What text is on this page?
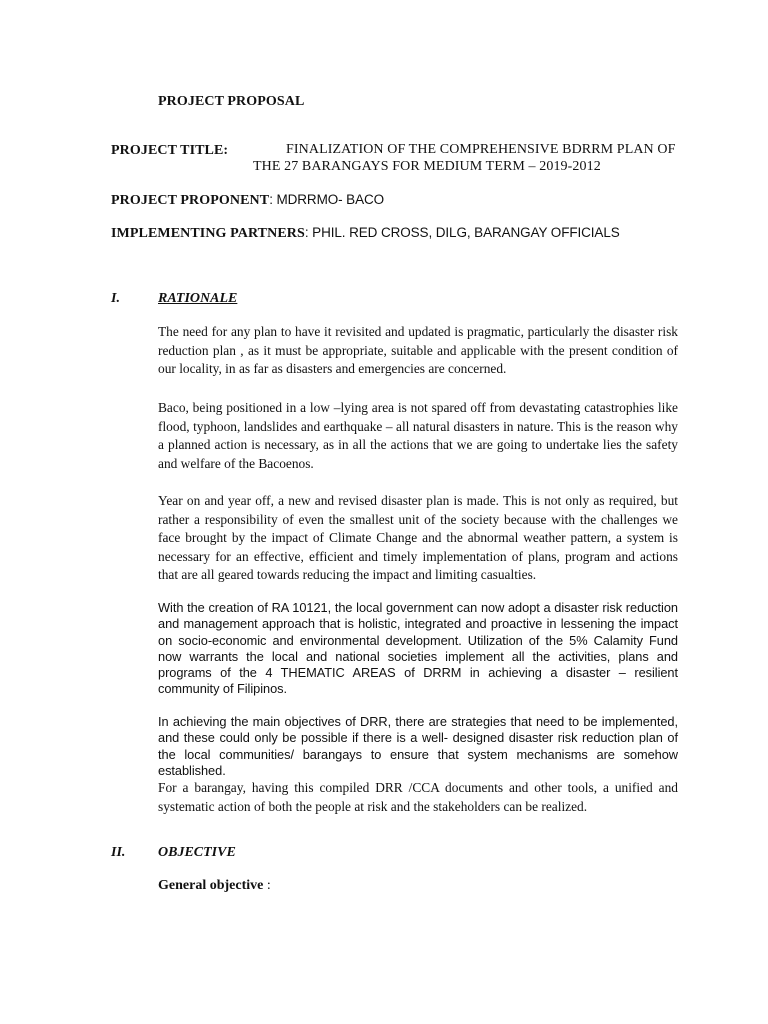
PROJECT PROPOSAL
PROJECT TITLE:	FINALIZATION OF THE COMPREHENSIVE BDRRM PLAN OF
THE 27 BARANGAYS FOR MEDIUM TERM – 2019-2012
PROJECT PROPONENT: MDRRMO- BACO
IMPLEMENTING PARTNERS: PHIL. RED CROSS, DILG, BARANGAY OFFICIALS
I.	RATIONALE
The need for any plan to have it revisited and updated is pragmatic, particularly the disaster risk reduction plan , as it must be appropriate, suitable and applicable with the present condition of our locality, in as far as disasters and emergencies are concerned.
Baco, being positioned in a low –lying area is not spared off from devastating catastrophies like flood, typhoon, landslides and earthquake – all natural disasters in nature. This is the reason why a planned action is necessary, as in all the actions that we are going to undertake lies the safety and welfare of the Bacoenos.
Year on and year off, a new and revised disaster plan is made. This is not only as required, but rather a responsibility of even the smallest unit of the society because with the challenges we face brought by the impact of Climate Change and the abnormal weather pattern, a system is necessary for an effective, efficient and timely implementation of plans, program and actions that are all geared towards reducing the impact and limiting casualties.
With the creation of RA 10121, the local government can now adopt a disaster risk reduction and management approach that is holistic, integrated and proactive in lessening the impact on socio-economic and environmental development. Utilization of the 5% Calamity Fund now warrants the local and national societies implement all the activities, plans and programs of the 4 THEMATIC AREAS of DRRM in achieving a disaster – resilient community of Filipinos.
In achieving the main objectives of DRR, there are strategies that need to be implemented, and these could only be possible if there is a well- designed disaster risk reduction plan of the local communities/ barangays to ensure that system mechanisms are somehow established.
For a barangay, having this compiled DRR /CCA documents and other tools, a unified and systematic action of both the people at risk and the stakeholders can be realized.
II. OBJECTIVE
General objective :
